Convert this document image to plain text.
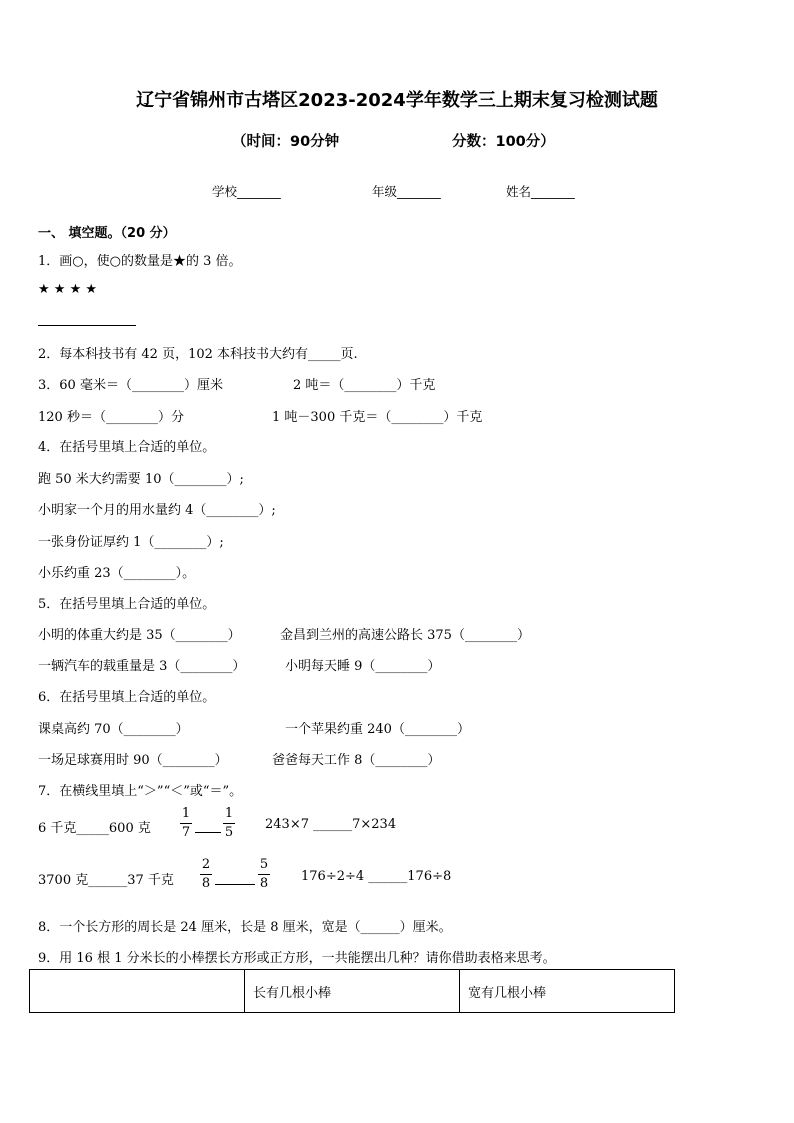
辽宁省锦州市古塔区2023-2024学年数学三上期末复习检测试题
（时间：90分钟	分数：100分）
学校_______	年级_______	姓名_______
一、 填空题。（20 分）
1．画○，使○的数量是★的 3 倍。
★ ★ ★ ★
2．每本科技书有 42 页，102 本科技书大约有_____页.
3．60 毫米＝（________）厘米	2 吨＝（________）千克
120 秒＝（________）分	1 吨－300 千克＝（________）千克
4．在括号里填上合适的单位。
跑 50 米大约需要 10（________）;
小明家一个月的用水量约 4（________）;
一张身份证厚约 1（________）;
小乐约重 23（________）。
5．在括号里填上合适的单位。
小明的体重大约是 35（________）	金昌到兰州的高速公路长 375（________）
一辆汽车的载重量是 3（________）	小明每天睡 9（________）
6．在括号里填上合适的单位。
课桌高约 70（________）	一个苹果约重 240（________）
一场足球赛用时 90（________）	爸爸每天工作 8（________）
7．在横线里填上“＞”“＜”或“＝”。
6 千克_____600 克
1
7
1
5
243×7 ______7×234
3700 克______37 千克
2
8
5
8	176÷2÷4 ______176÷8
8．一个长方形的周长是 24 厘米，长是 8 厘米，宽是（______）厘米。
9．用 16 根 1 分米长的小棒摆长方形或正方形，一共能摆出几种？请你借助表格来思考。
	长有几根小棒	宽有几根小棒
